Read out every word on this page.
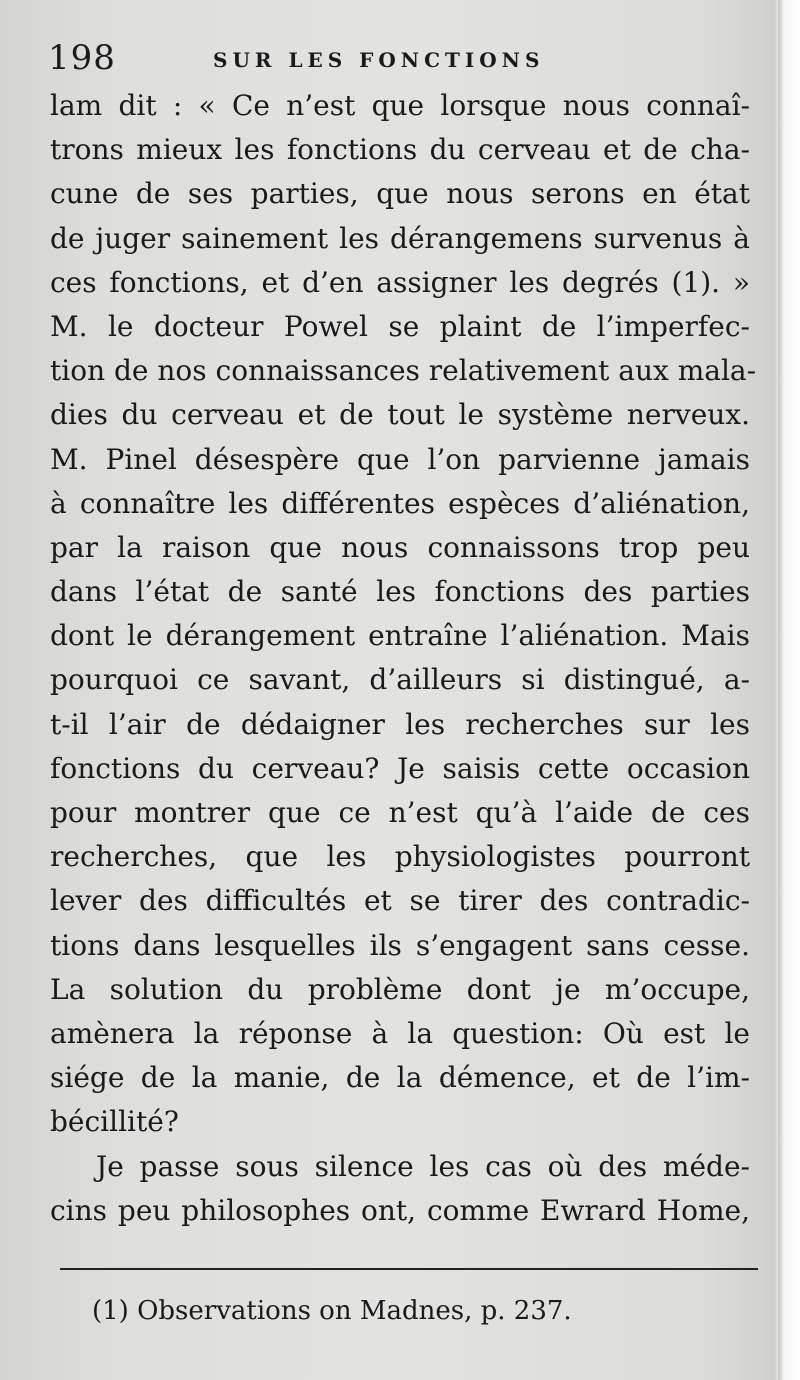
198	SUR LES FONCTIONS
lam dit : « Ce n’est que lorsque nous connaî-
trons mieux les fonctions du cerveau et de cha-
cune de ses parties, que nous serons en état
de juger sainement les dérangemens survenus à
ces fonctions, et d’en assigner les degrés (1). »
M. le docteur Powel se plaint de l’imperfec-
tion de nos connaissances relativement aux mala-
dies du cerveau et de tout le système nerveux.
M. Pinel désespère que l’on parvienne jamais
à connaître les différentes espèces d’aliénation,
par la raison que nous connaissons trop peu
dans l’état de santé les fonctions des parties
dont le dérangement entraîne l’aliénation. Mais
pourquoi ce savant, d’ailleurs si distingué, a-
t-il l’air de dédaigner les recherches sur les
fonctions du cerveau? Je saisis cette occasion
pour montrer que ce n’est qu’à l’aide de ces
recherches, que les physiologistes pourront
lever des difficultés et se tirer des contradic-
tions dans lesquelles ils s’engagent sans cesse.
La solution du problème dont je m’occupe,
amènera la réponse à la question: Où est le
siége de la manie, de la démence, et de l’im-
bécillité?
Je passe sous silence les cas où des méde-
cins peu philosophes ont, comme Ewrard Home,
(1) Observations on Madnes, p. 237.
